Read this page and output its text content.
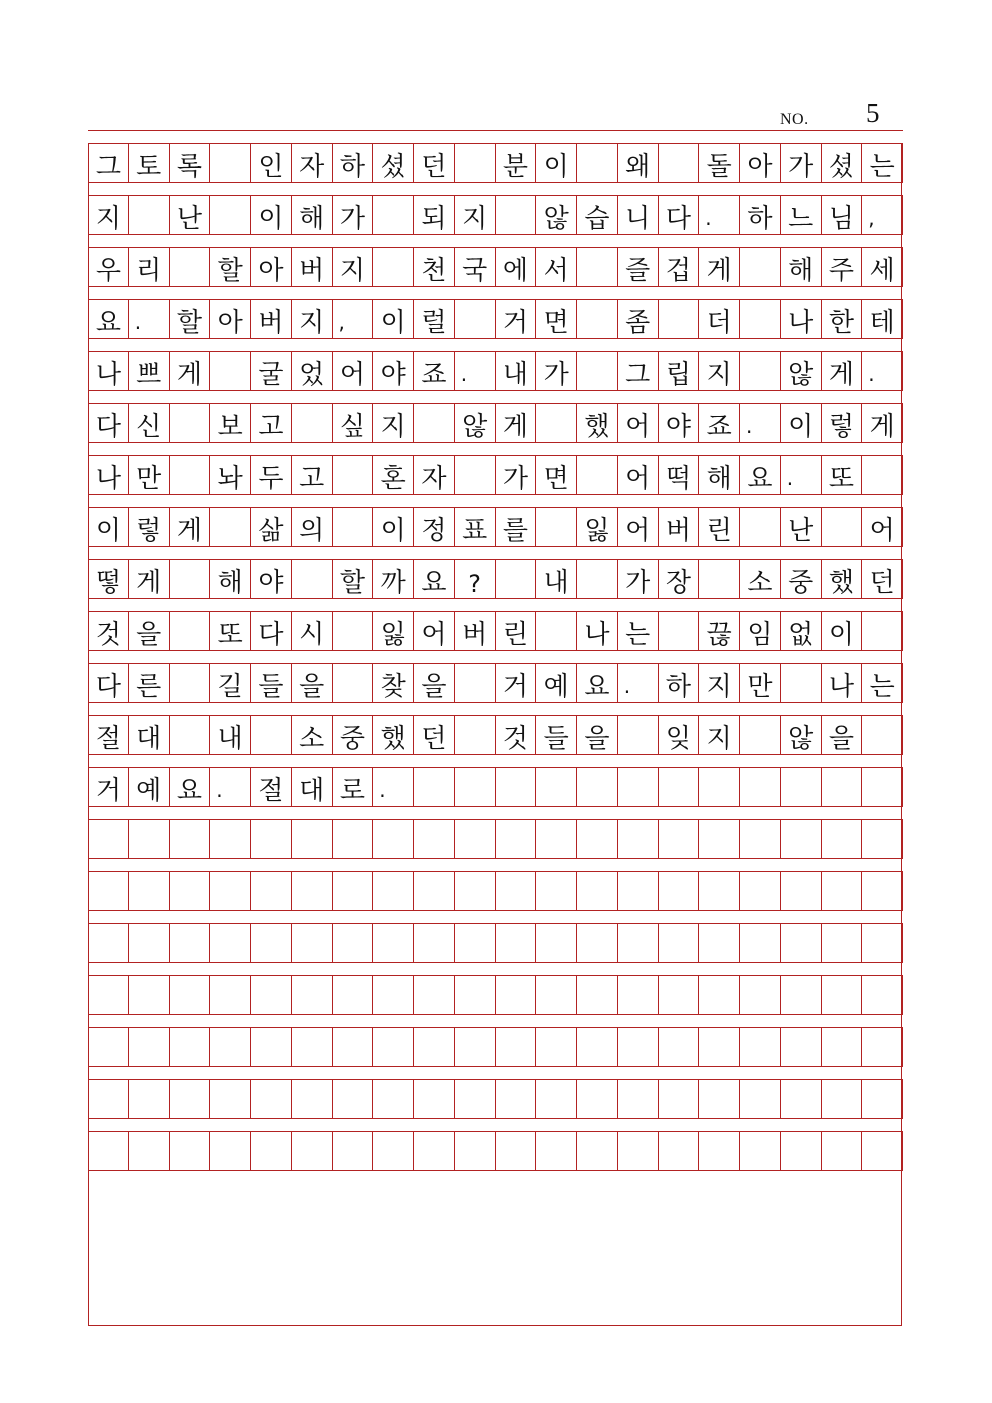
NO. 5
그 토 록	인 자 하 셨 던	분 이	왜	돌 아 가 셨 는
지	난	이 해 가	되 지	않 습 니 다 .	하 느 님 ,
우 리	할 아 버 지	천 국 에 서	즐 겁 게	해 주 세
요 .	할 아 버 지 ,	이 럴	거 면	좀	더	나 한 테
나 쁘 게	굴 었 어 야 죠 .	내 가	그 립 지	않 게 .
다 신	보 고	싶 지	않 게	했 어 야 죠 .	이 렇 게
나 만	놔 두 고	혼 자	가 면	어 떡 해 요 .	또
이 렇 게	삶 의	이 정 표 를	잃 어 버 린	난	어
떻 게	해 야	할 까 요 ?	내	가 장	소 중 했 던
것 을	또 다 시	잃 어 버 린	나 는	끊 임 없 이
다 른	길 들 을	찾 을	거 예 요 .	하 지 만	나 는
절 대	내	소 중 했 던	것 들 을	잊 지	않 을
거 예 요 .	절 대 로 .
